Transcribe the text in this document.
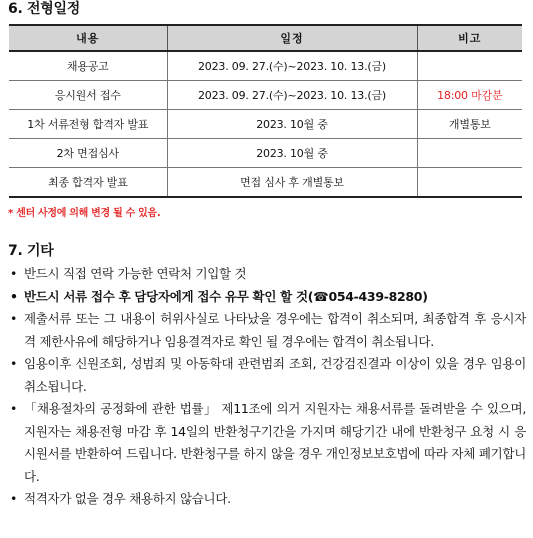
6. 전형일정
내용	일정	비고
채용공고	2023. 09. 27.(수)~2023. 10. 13.(금)	
응시원서 접수	2023. 09. 27.(수)~2023. 10. 13.(금)	18:00 마감분
1차 서류전형 합격자 발표	2023. 10월 중	개별통보
2차 면접심사	2023. 10월 중	
최종 합격자 발표	면접 심사 후 개별통보	
* 센터 사정에 의해 변경 될 수 있음.
7. 기타
• 반드시 직접 연락 가능한 연락처 기입할 것
• 반드시 서류 접수 후 담당자에게 접수 유무 확인 할 것(☎054-439-8280)
• 제출서류 또는 그 내용이 허위사실로 나타났을 경우에는 합격이 취소되며, 최종합격 후 응시자격 제한사유에 해당하거나 임용결격자로 확인 될 경우에는 합격이 취소됩니다.
• 임용이후 신원조회, 성범죄 및 아동학대 관련범죄 조회, 건강검진결과 이상이 있을 경우 임용이 취소됩니다.
• 「채용절차의 공정화에 관한 법률」 제11조에 의거 지원자는 채용서류를 돌려받을 수 있으며, 지원자는 채용전형 마감 후 14일의 반환청구기간을 가지며 해당기간 내에 반환청구 요청 시 응시원서를 반환하여 드립니다. 반환청구를 하지 않을 경우 개인정보보호법에 따라 자체 폐기합니다.
• 적격자가 없을 경우 채용하지 않습니다.
